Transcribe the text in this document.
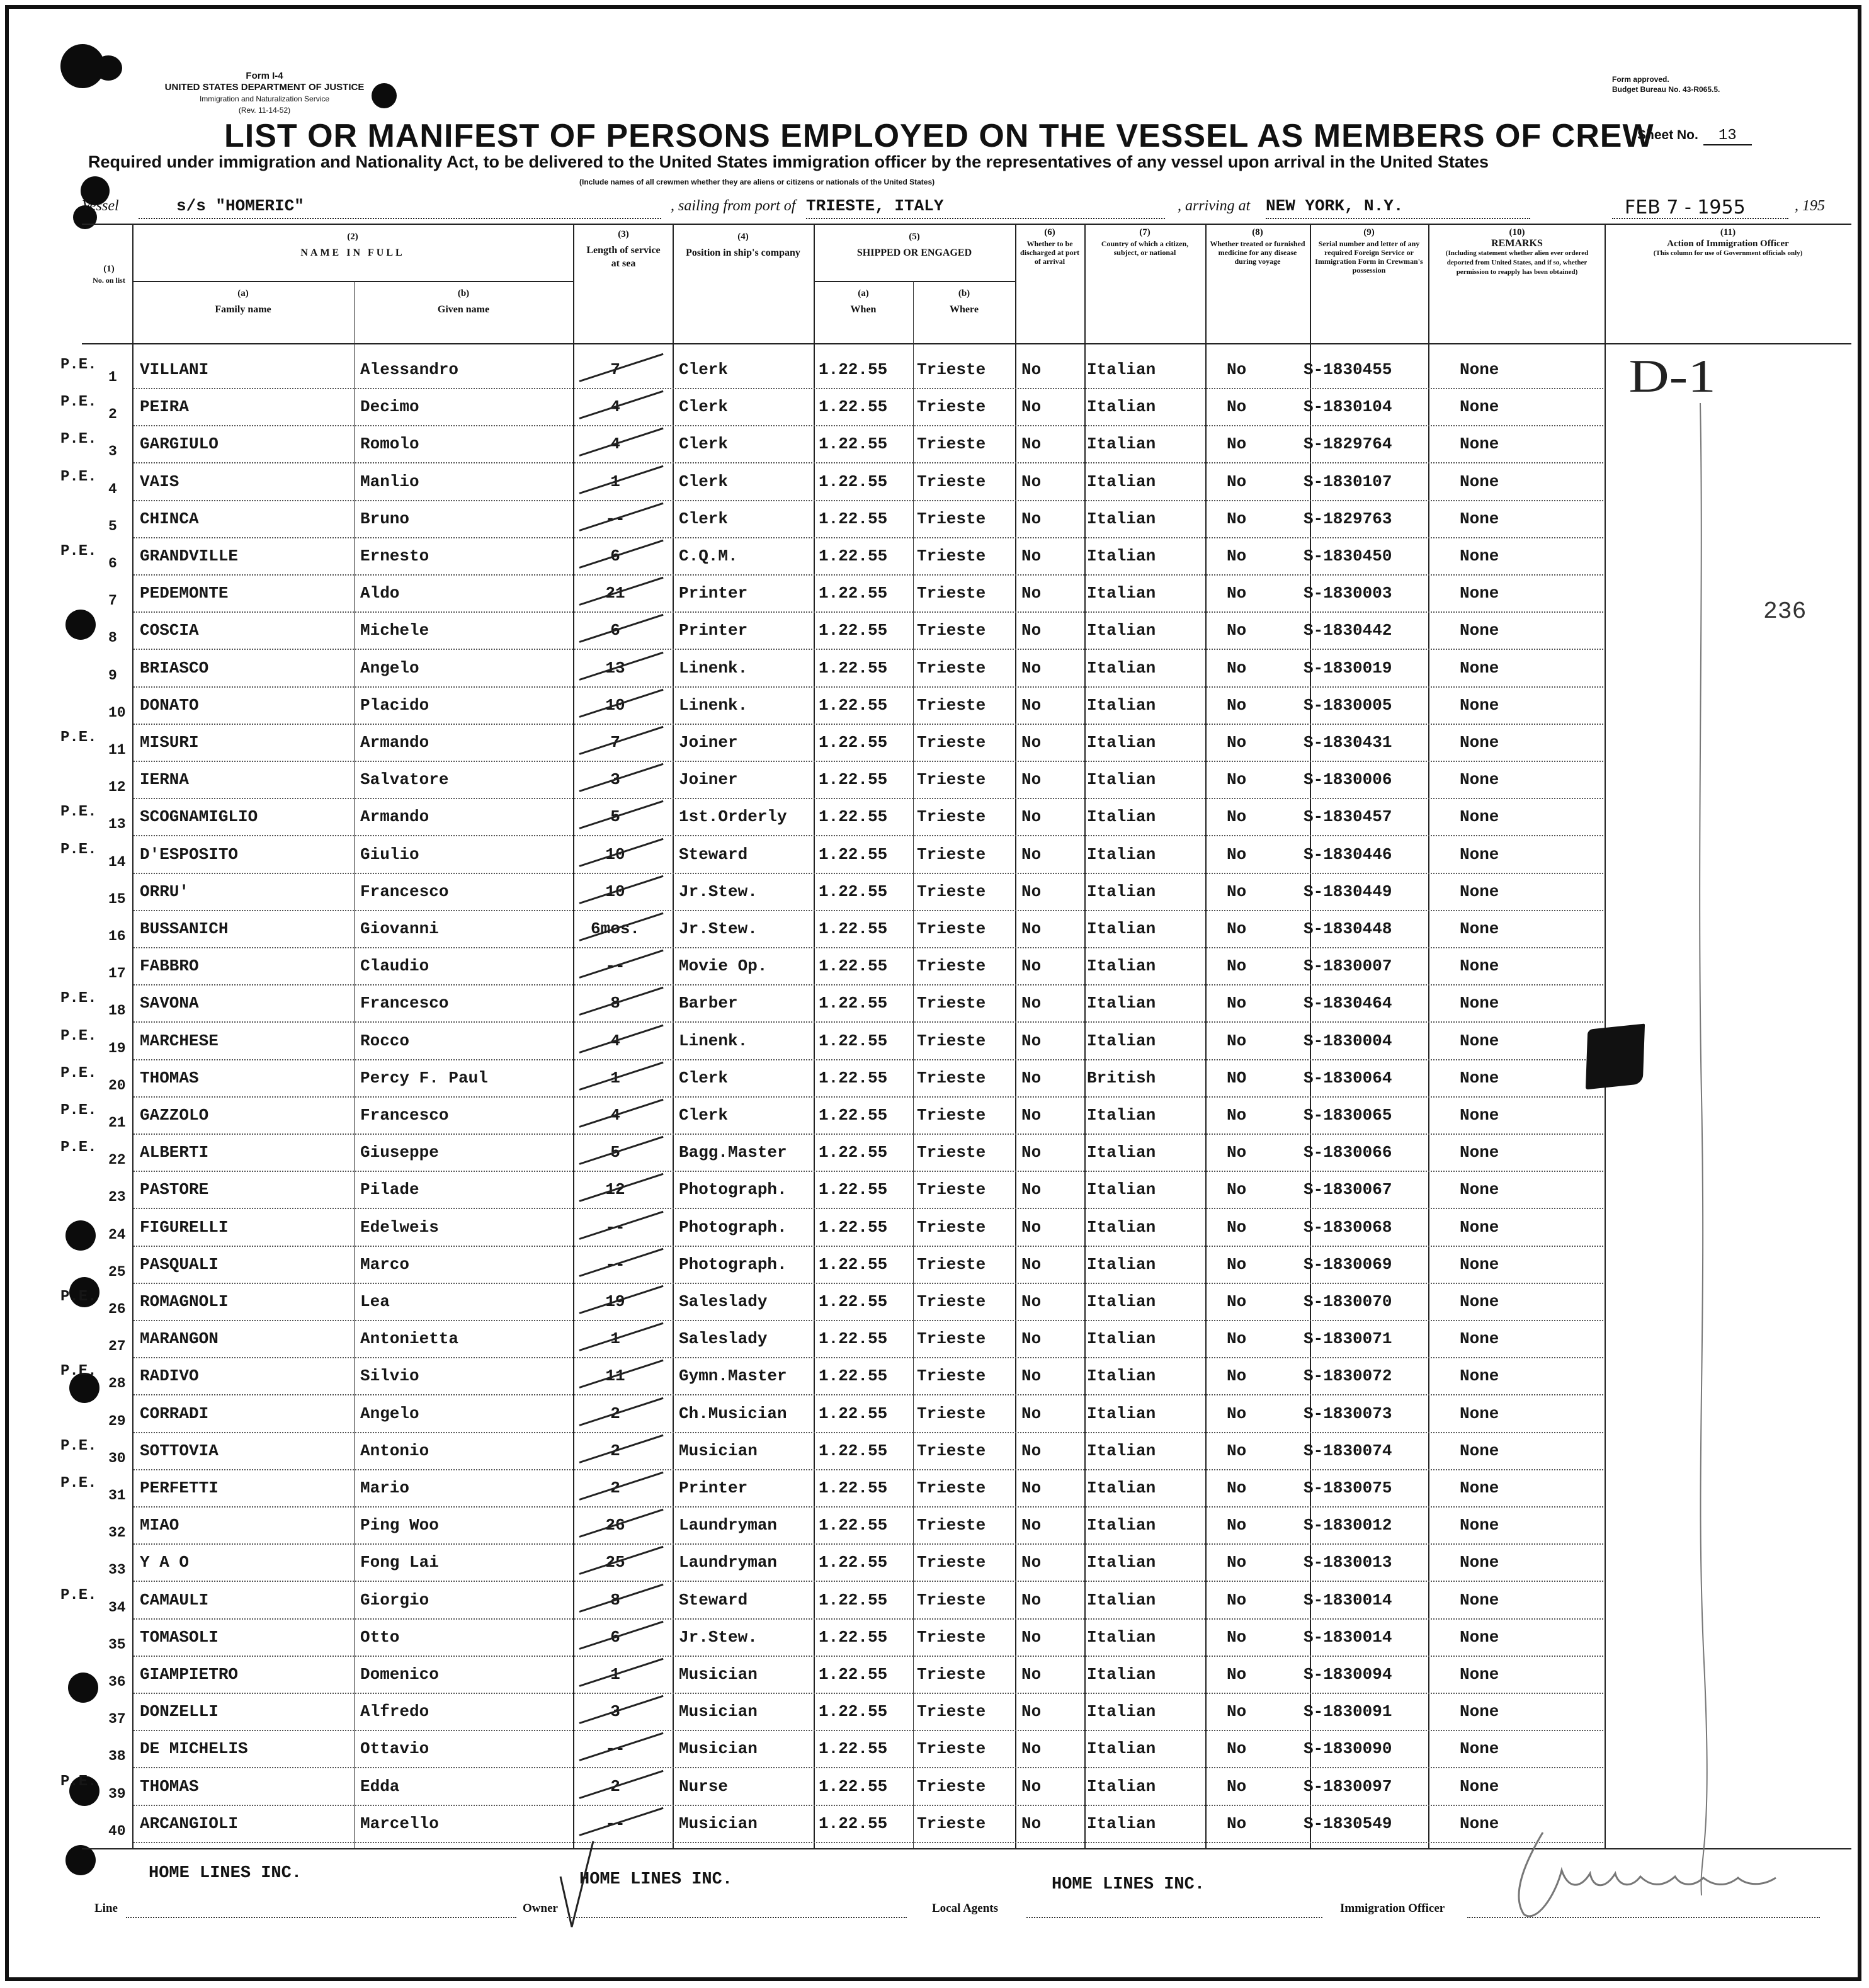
Form I-4
UNITED STATES DEPARTMENT OF JUSTICE
Immigration and Naturalization Service
(Rev. 11-14-52)
Form approved.
Budget Bureau No. 43-R065.5.
LIST OR MANIFEST OF PERSONS EMPLOYED ON THE VESSEL AS MEMBERS OF CREW
Sheet No. 13
Required under immigration and Nationality Act, to be delivered to the United States immigration officer by the representatives of any vessel upon arrival in the United States
(Include names of all crewmen whether they are aliens or citizens or nationals of the United States)
Vessel	s/s "HOMERIC"	, sailing from port of TRIESTE, ITALY	, arriving at NEW YORK, N.Y.	FEB 7 - 1955	, 195
(1)
No. on list
(2)
NAME IN FULL
(a)
Family name
(b)
Given name
(3)
Length of service at sea
(4)
Position in ship's company
(5)
SHIPPED OR ENGAGED
(a)
When
(b)
Where
(6)
Whether to be discharged at port of arrival
(7)
Country of which a citizen, subject, or national
(8)
Whether treated or furnished medicine for any disease during voyage
(9)
Serial number and letter of any required Foreign Service or Immigration Form in Crewman's possession
(10)
REMARKS
(Including statement whether alien ever ordered deported from United States, and if so, whether permission to reapply has been obtained)
(11)
Action of Immigration Officer
(This column for use of Government officials only)
P.E.
1 VILLANI	Alessandro	7	Clerk	1.22.55 Trieste No	Italian	No	S-1830455	None
P.E.
2 PEIRA	Decimo	4	Clerk	1.22.55 Trieste No	Italian	No	S-1830104	None
P.E.
3 GARGIULO	Romolo	4	Clerk	1.22.55 Trieste No	Italian	No	S-1829764	None
P.E.
4 VAIS	Manlio	1	Clerk	1.22.55 Trieste No	Italian	No	S-1830107	None
5 CHINCA	Bruno	--	Clerk	1.22.55 Trieste No	Italian	No	S-1829763	None
P.E.
6 GRANDVILLE	Ernesto	6	C.Q.M.	1.22.55 Trieste No	Italian	No	S-1830450	None
7 PEDEMONTE	Aldo	21	Printer	1.22.55 Trieste No	Italian	No	S-1830003	None
8 COSCIA	Michele	6	Printer	1.22.55 Trieste No	Italian	No	S-1830442	None
9 BRIASCO	Angelo	13	Linenk.	1.22.55 Trieste No	Italian	No	S-1830019	None
10 DONATO	Placido	10	Linenk.	1.22.55 Trieste No	Italian	No	S-1830005	None
P.E.
11 MISURI	Armando	7	Joiner	1.22.55 Trieste No	Italian	No	S-1830431	None
12 IERNA	Salvatore	3	Joiner	1.22.55 Trieste No	Italian	No	S-1830006	None
P.E.
13 SCOGNAMIGLIO	Armando	5	1st.Orderly 1.22.55 Trieste No	Italian	No	S-1830457	None
P.E.
14 D'ESPOSITO	Giulio	10	Steward	1.22.55 Trieste No	Italian	No	S-1830446	None
15 ORRU'	Francesco	10	Jr.Stew.	1.22.55 Trieste No	Italian	No	S-1830449	None
16 BUSSANICH	Giovanni	6mos.	Jr.Stew.	1.22.55 Trieste No	Italian	No	S-1830448	None
17 FABBRO	Claudio	--	Movie Op.	1.22.55 Trieste No	Italian	No	S-1830007	None
P.E.
18 SAVONA	Francesco	8	Barber	1.22.55 Trieste No	Italian	No	S-1830464	None
P.E.
19 MARCHESE	Rocco	4	Linenk.	1.22.55 Trieste No	Italian	No	S-1830004	None
P.E.
20 THOMAS	Percy F. Paul	1	Clerk	1.22.55 Trieste No	British	NO	S-1830064	None
P.E.
21 GAZZOLO	Francesco	4	Clerk	1.22.55 Trieste No	Italian	No	S-1830065	None
P.E.
22 ALBERTI	Giuseppe	5	Bagg.Master 1.22.55 Trieste No	Italian	No	S-1830066	None
23 PASTORE	Pilade	12	Photograph. 1.22.55 Trieste No	Italian	No	S-1830067	None
24 FIGURELLI	Edelweis	--	Photograph. 1.22.55 Trieste No	Italian	No	S-1830068	None
25 PASQUALI	Marco	--	Photograph. 1.22.55 Trieste No	Italian	No	S-1830069	None
P.E.
26 ROMAGNOLI	Lea	19	Saleslady	1.22.55 Trieste No	Italian	No	S-1830070	None
27 MARANGON	Antonietta	1	Saleslady	1.22.55 Trieste No	Italian	No	S-1830071	None
P.E.
28 RADIVO	Silvio	11	Gymn.Master 1.22.55 Trieste No	Italian	No	S-1830072	None
29 CORRADI	Angelo	2	Ch.Musician 1.22.55 Trieste No	Italian	No	S-1830073	None
P.E.
30 SOTTOVIA	Antonio	2	Musician	1.22.55 Trieste No	Italian	No	S-1830074	None
P.E.
31 PERFETTI	Mario	2	Printer	1.22.55 Trieste No	Italian	No	S-1830075	None
32 MIAO	Ping Woo	26	Laundryman	1.22.55 Trieste No	Italian	No	S-1830012	None
33 Y A O	Fong Lai	25	Laundryman	1.22.55 Trieste No	Italian	No	S-1830013	None
P.E.
34 CAMAULI	Giorgio	8	Steward	1.22.55 Trieste No	Italian	No	S-1830014	None
35 TOMASOLI	Otto	6	Jr.Stew.	1.22.55 Trieste No	Italian	No	S-1830014	None
36 GIAMPIETRO	Domenico	1	Musician	1.22.55 Trieste No	Italian	No	S-1830094	None
37 DONZELLI	Alfredo	3	Musician	1.22.55 Trieste No	Italian	No	S-1830091	None
38 DE MICHELIS	Ottavio	--	Musician	1.22.55 Trieste No	Italian	No	S-1830090	None
P.E.
39 THOMAS	Edda	2	Nurse	1.22.55 Trieste No	Italian	No	S-1830097	None
40 ARCANGIOLI	Marcello	--	Musician	1.22.55 Trieste No	Italian	No	S-1830549	None
D-1
236
Line
HOME LINES INC.
Owner
HOME LINES INC.
Local Agents
HOME LINES INC.
Immigration Officer
